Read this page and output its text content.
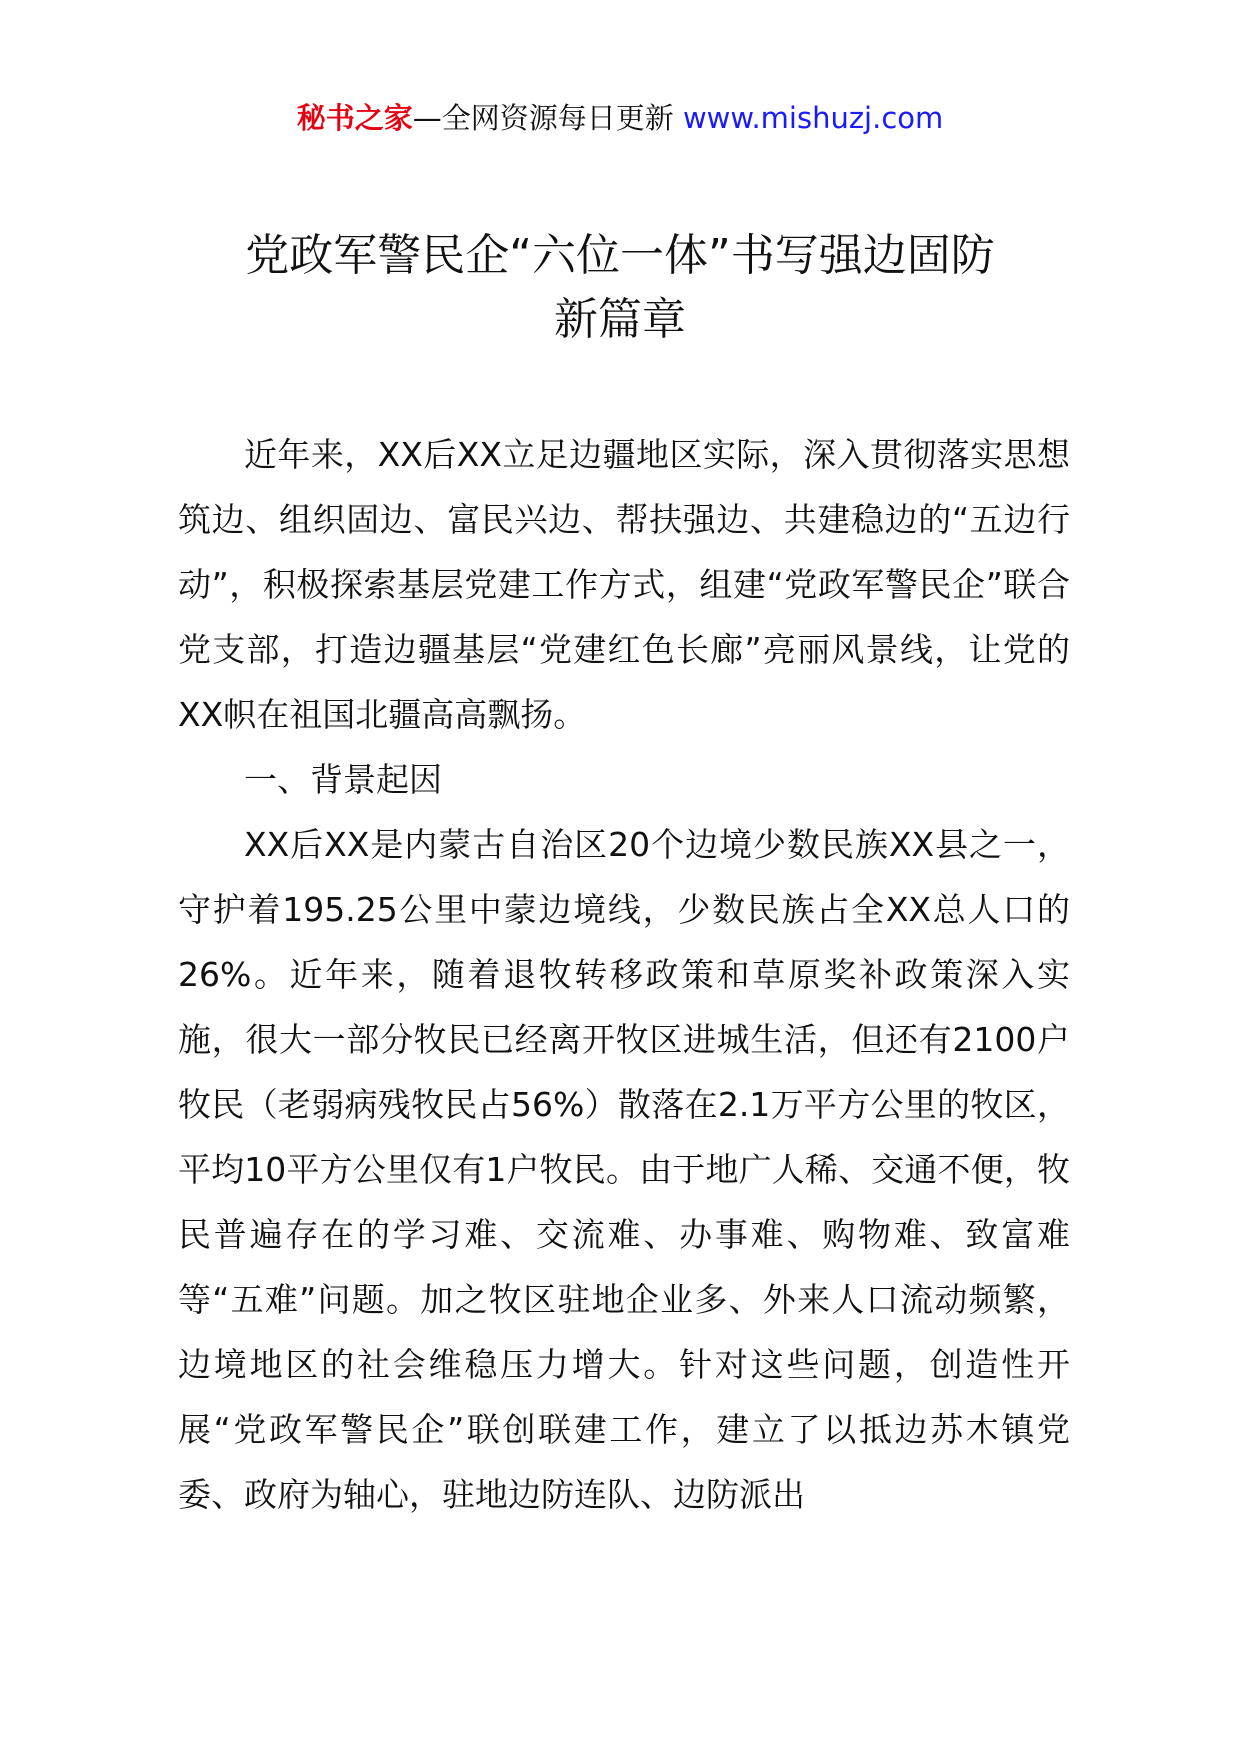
秘书之家—全网资源每日更新 www.mishuzj.com
党政军警民企“六位一体”书写强边固防
新篇章

近年来，XX后XX立足边疆地区实际，深入贯彻落实思想筑边、组织固边、富民兴边、帮扶强边、共建稳边的“五边行动”，积极探索基层党建工作方式，组建“党政军警民企”联合党支部，打造边疆基层“党建红色长廊”亮丽风景线，让党的XX帜在祖国北疆高高飘扬。

一、背景起因

XX后XX是内蒙古自治区20个边境少数民族XX县之一，守护着195.25公里中蒙边境线，少数民族占全XX总人口的26%。近年来，随着退牧转移政策和草原奖补政策深入实施，很大一部分牧民已经离开牧区进城生活，但还有2100户牧民（老弱病残牧民占56%）散落在2.1万平方公里的牧区，平均10平方公里仅有1户牧民。由于地广人稀、交通不便，牧民普遍存在的学习难、交流难、办事难、购物难、致富难等“五难”问题。加之牧区驻地企业多、外来人口流动频繁，边境地区的社会维稳压力增大。针对这些问题，创造性开展“党政军警民企”联创联建工作，建立了以抵边苏木镇党委、政府为轴心，驻地边防连队、边防派出
